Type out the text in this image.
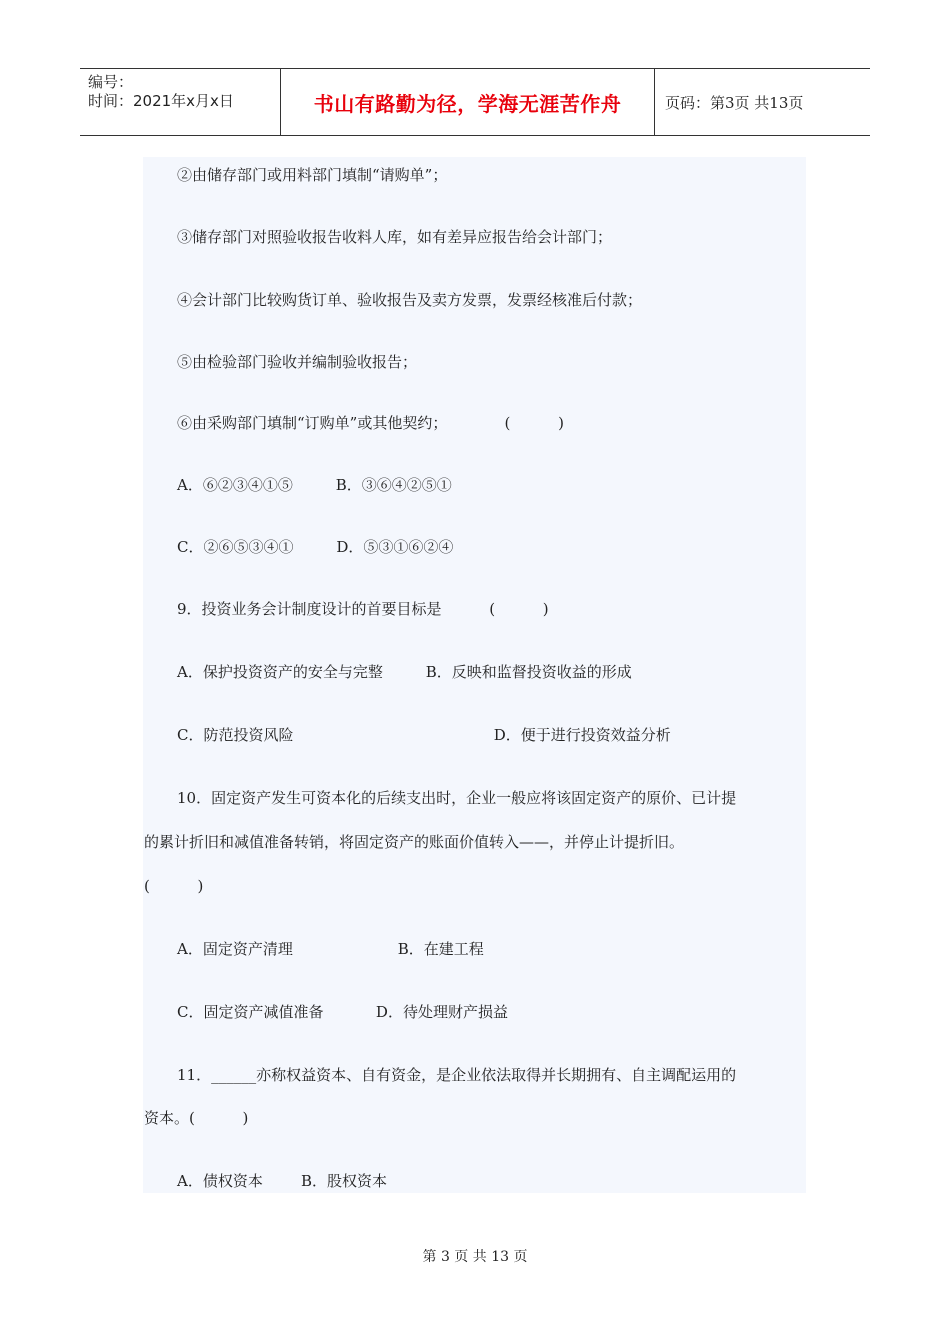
编号：
时间：2021年x月x日	书山有路勤为径，学海无涯苦作舟	页码：第3页 共13页
②由储存部门或用料部门填制“请购单”；
③储存部门对照验收报告收料人库，如有差异应报告给会计部门；
④会计部门比较购货订单、验收报告及卖方发票，发票经核准后付款；
⑤由检验部门验收并编制验收报告；
⑥由采购部门填制“订购单”或其他契约；            (          )
A．⑥②③④①⑤         B．③⑥④②⑤①
C．②⑥⑤③④①         D．⑤③①⑥②④
9．投资业务会计制度设计的首要目标是          (          )
A．保护投资资产的安全与完整         B．反映和监督投资收益的形成
C．防范投资风险                                          D．便于进行投资效益分析
10．固定资产发生可资本化的后续支出时，企业一般应将该固定资产的原价、已计提
的累计折旧和减值准备转销，将固定资产的账面价值转入——，并停止计提折旧。
(          )
A．固定资产清理                      B．在建工程
C．固定资产减值准备           D．待处理财产损益
11．______亦称权益资本、自有资金，是企业依法取得并长期拥有、自主调配运用的
资本。(          )
A．债权资本        B．股权资本
第 3 页 共 13 页
